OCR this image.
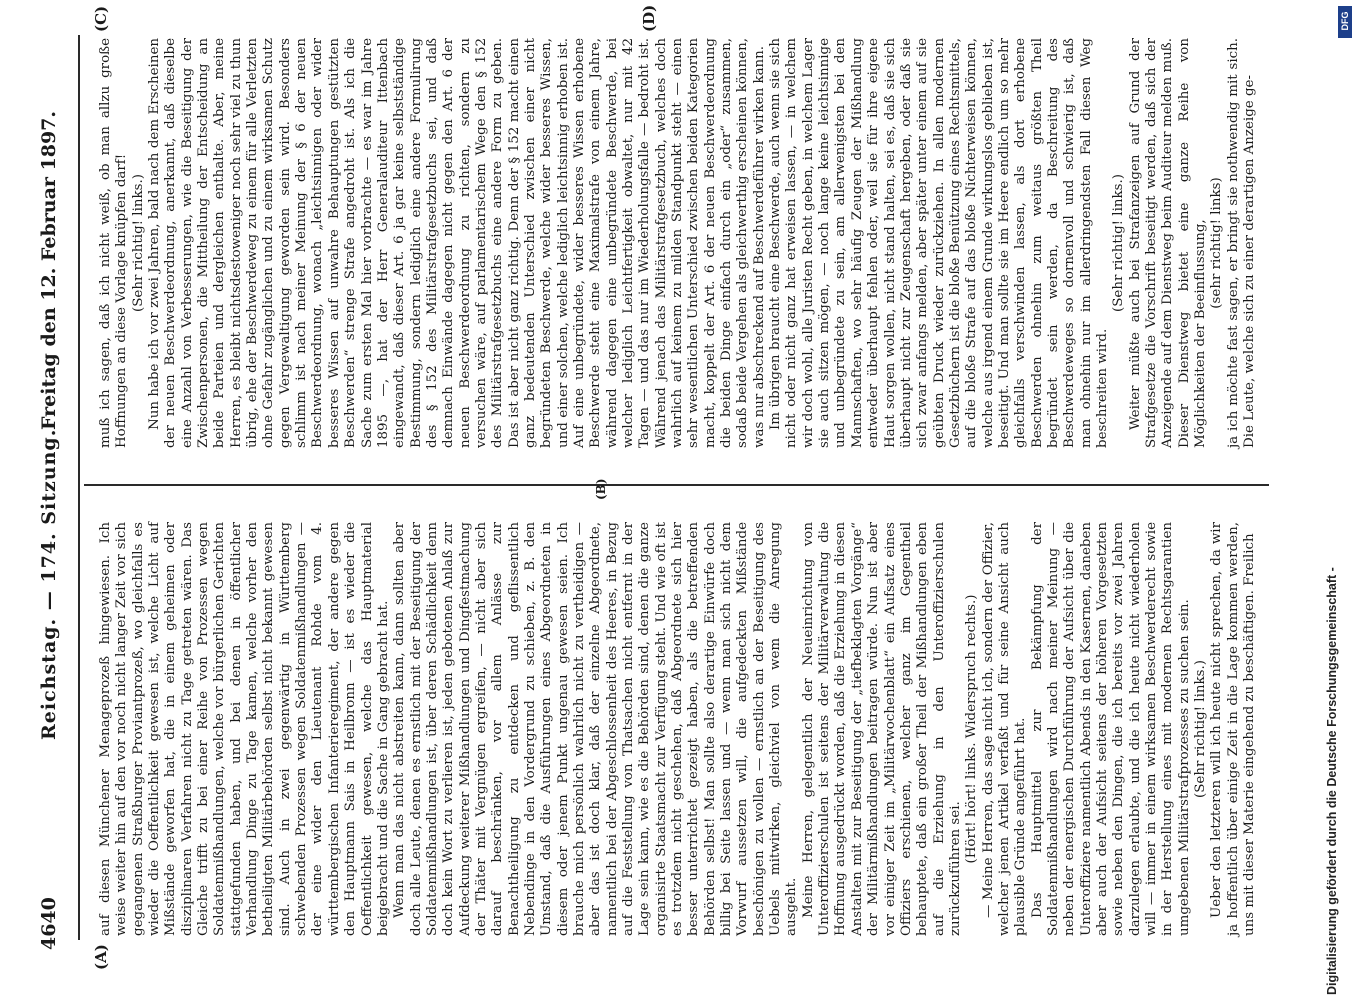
4640
Reichstag. — 174. Sitzung.
Freitag den 12. Februar 1897.
(A)
(B)
(C)	(D)

auf diesen Münchener Menageprozeß hingewiesen. Ich weise weiter hin auf den vor noch nicht langer Zeit vor sich gegangenen Straßburger Proviantprozeß, wo gleichfalls es wieder die Oeffentlichkeit gewesen ist, welche Licht auf Mißstände geworfen hat, die in einem geheimen oder disziplinaren Verfahren nicht zu Tage getreten wären. Das Gleiche trifft zu bei einer Reihe von Prozessen wegen Soldatenmißhandlungen, welche vor bürgerlichen Gerichten stattgefunden haben, und bei denen in öffentlicher Verhandlung Dinge zu Tage kamen, welche vorher den betheiligten Militärbehörden selbst nicht bekannt gewesen sind. Auch in zwei gegenwärtig in Württemberg schwebenden Prozessen wegen Soldatenmißhandlungen — der eine wider den Lieutenant Rohde vom 4. württembergischen Infanterieregiment, der andere gegen den Hauptmann Sais in Heilbronn — ist es wieder die Oeffentlichkeit gewesen, welche das Hauptmaterial beigebracht und die Sache in Gang gebracht hat. Wenn man das nicht abstreiten kann, dann sollten aber doch alle Leute, denen es ernstlich mit der Beseitigung der Soldatenmißhandlungen ist, über deren Schädlichkeit denn doch kein Wort zu verlieren ist, jeden gebotenen Anlaß zur Aufdeckung weiterer Mißhandlungen und Dingfestmachung der Thäter mit Vergnügen ergreifen, — nicht aber sich darauf beschränken, vor allem Anlässe zur Benachtheiligung zu entdecken und geflissentlich Nebendinge in den Vordergrund zu schieben, z. B. den Umstand, daß die Ausführungen eines Abgeordneten in diesem oder jenem Punkt ungenau gewesen seien. Ich brauche mich persönlich wahrlich nicht zu vertheidigen — aber das ist doch klar, daß der einzelne Abgeordnete, namentlich bei der Abgeschlossenheit des Heeres, in Bezug auf die Feststellung von Thatsachen nicht entfernt in der Lage sein kann, wie es die Behörden sind, denen die ganze organisirte Staatsmacht zur Verfügung steht. Und wie oft ist es trotzdem nicht geschehen, daß Abgeordnete sich hier besser unterrichtet gezeigt haben, als die betreffenden Behörden selbst! Man sollte also derartige Einwürfe doch billig bei Seite lassen und — wenn man sich nicht dem Vorwurf aussetzen will, die aufgedeckten Mißstände beschönigen zu wollen — ernstlich an der Beseitigung des Uebels mitwirken, gleichviel von wem die Anregung ausgeht. Meine Herren, gelegentlich der Neueinrichtung von Unteroffizierschulen ist seitens der Militärverwaltung die Hoffnung ausgedrückt worden, daß die Erziehung in diesen Anstalten mit zur Beseitigung der „tiefbeklagten Vorgänge“ der Militärmißhandlungen beitragen würde. Nun ist aber vor einiger Zeit im „Militärwochenblatt“ ein Aufsatz eines Offiziers erschienen, welcher ganz im Gegentheil behauptete, daß ein großer Theil der Mißhandlungen eben auf die Erziehung in den Unteroffizierschulen zurückzuführen sei.

(Hört! hört! links. Widerspruch rechts.) — Meine Herren, das sage nicht ich, sondern der Offizier, welcher jenen Artikel verfaßt und für seine Ansicht auch plausible Gründe angeführt hat. Das Hauptmittel zur Bekämpfung der Soldatenmißhandlungen wird nach meiner Meinung — neben der energischen Durchführung der Aufsicht über die Unteroffiziere namentlich Abends in den Kasernen, daneben aber auch der Aufsicht seitens der höheren Vorgesetzten sowie neben den Dingen, die ich bereits vor zwei Jahren darzulegen erlaubte, und die ich heute nicht wiederholen will — immer in einem wirksamen Beschwerderecht sowie in der Herstellung eines mit modernen Rechtsgarantien umgebenen Militärstrafprozesses zu suchen sein. (Sehr richtig! links.) Ueber den letzteren will ich heute nicht sprechen, da wir ja hoffentlich über einige Zeit in die Lage kommen werden, uns mit dieser Materie eingehend zu beschäftigen. Freilich

muß ich sagen, daß ich nicht weiß, ob man allzu große Hoffnungen an diese Vorlage knüpfen darf! (Sehr richtig! links.) Nun habe ich vor zwei Jahren, bald nach dem Erscheinen der neuen Beschwerdeordnung, anerkannt, daß dieselbe eine Anzahl von Verbesserungen, wie die Beseitigung der Zwischenpersonen, die Mittheilung der Entscheidung an beide Parteien und dergleichen enthalte. Aber, meine Herren, es bleibt nichtsdestoweniger noch sehr viel zu thun übrig, ehe der Beschwerdeweg zu einem für alle Verletzten ohne Gefahr zugänglichen und zu einem wirksamen Schutz gegen Vergewaltigung geworden sein wird. Besonders schlimm ist nach meiner Meinung der § 6 der neuen Beschwerdeordnung, wonach „leichtsinnigen oder wider besseres Wissen auf unwahre Behauptungen gestützten Beschwerden“ strenge Strafe angedroht ist. Als ich die Sache zum ersten Mal hier vorbrachte — es war im Jahre 1895 —, hat der Herr Generalauditeur Ittenbach eingewandt, daß dieser Art. 6 ja gar keine selbstständige Bestimmung, sondern lediglich eine andere Formulirung des § 152 des Militärstrafgesetzbuchs sei, und daß demnach Einwände dagegen nicht gegen den Art. 6 der neuen Beschwerdeordnung zu richten, sondern zu versuchen wäre, auf parlamentarischem Wege den § 152 des Militärstrafgesetzbuchs eine andere Form zu geben. Das ist aber nicht ganz richtig. Denn der § 152 macht einen ganz bedeutenden Unterschied zwischen einer nicht begründeten Beschwerde, welche wider besseres Wissen, und einer solchen, welche lediglich leichtsinnig erhoben ist. Auf eine unbegründete, wider besseres Wissen erhobene Beschwerde steht eine Maximalstrafe von einem Jahre, während dagegen eine unbegründete Beschwerde, bei welcher lediglich Leichtfertigkeit obwaltet, nur mit 42 Tagen — und das nur im Wiederholungsfalle — bedroht ist. Während jenach das Militärstrafgesetzbuch, welches doch wahrlich auf keinem zu milden Standpunkt steht — einen sehr wesentlichen Unterschied zwischen beiden Kategorien macht, koppelt der Art. 6 der neuen Beschwerdeordnung die beiden Dinge einfach durch ein „oder“ zusammen, sodaß beide Vergehen als gleichwerthig erscheinen können, was nur abschreckend auf Beschwerdeführer wirken kann. Im übrigen braucht eine Beschwerde, auch wenn sie sich nicht oder nicht ganz hat erweisen lassen, — in welchem wir doch wohl, alle Juristen Recht geben, in welchem Lager sie auch sitzen mögen, — noch lange keine leichtsinnige und unbegründete zu sein, am allerwenigsten bei den Mannschaften, wo sehr häufig Zeugen der Mißhandlung entweder überhaupt fehlen oder, weil sie für ihre eigene Haut sorgen wollen, nicht stand halten, sei es, daß sie sich überhaupt nicht zur Zeugenschaft hergeben, oder daß sie sich zwar anfangs melden, aber später unter einem auf sie geübten Druck wieder zurückziehen. In allen modernen Gesetzbüchern ist die bloße Benützung eines Rechtsmittels, auf die bloße Strafe auf das bloße Nichterweisen können, welche aus irgend einem Grunde wirkungslos geblieben ist, beseitigt. Und man sollte sie im Heere endlich um so mehr gleichfalls verschwinden lassen, als dort erhobene Beschwerden ohnehin zum weitaus größten Theil begründet sein werden, da Beschreitung des Beschwerdeweges so dornenvoll und schwierig ist, daß man ohnehin nur im allerdringendsten Fall diesen Weg beschreiten wird.

(Sehr richtig! links.) Weiter müßte auch bei Strafanzeigen auf Grund der Strafgesetze die Vorschrift beseitigt werden, daß sich der Anzeigende auf dem Dienstweg beim Auditeur melden muß. Dieser Dienstweg bietet eine ganze Reihe von Möglichkeiten der Beeinflussung, (sehr richtig! links) ja ich möchte fast sagen, er bringt sie nothwendig mit sich. Die Leute, welche sich zu einer derartigen Anzeige ge-

Digitalisierung gefördert durch die Deutsche Forschungsgemeinschaft -
DFG
